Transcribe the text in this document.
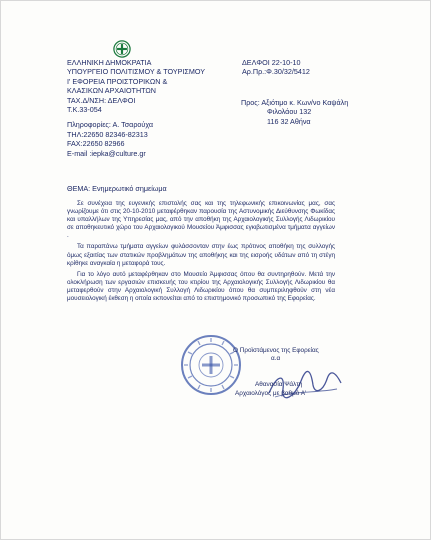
ΕΛΛΗΝΙΚΗ ΔΗΜΟΚΡΑΤΙΑ
ΥΠΟΥΡΓΕΙΟ ΠΟΛΙΤΙΣΜΟΥ & ΤΟΥΡΙΣΜΟΥ
Ι' ΕΦΟΡΕΙΑ ΠΡΟΙΣΤΟΡΙΚΩΝ &
ΚΛΑΣΙΚΩΝ ΑΡΧΑΙΟΤΗΤΩΝ
ΤΑΧ.Δ/ΝΣΗ: ΔΕΛΦΟΙ
Τ.Κ.33-054
Πληροφορίες: Α. Τσαρούχα
ΤΗΛ:22650 82346-82313
FAX:22650 82966
E-mail :iepka@culture.gr
ΔΕΛΦΟΙ 22-10-10
Αρ.Πρ.:Φ.30/32/5412
Προς: Αξιότιμο κ. Κων/νο Καψάλη
Φιλολάου 132
116 32 Αθήνα
ΘΕΜΑ: Ενημερωτικό σημείωμα

Σε συνέχεια της ευγενικής επιστολής σας και της τηλεφωνικής επικοινωνίας μας, σας γνωρίζουμε ότι στις 20-10-2010 μεταφέρθηκαν παρουσία της Αστυνομικής Διεύθυνσης Φωκίδας και υπαλλήλων της Υπηρεσίας μας, από την αποθήκη της Αρχαιολογικής Συλλογής Λιδωρικίου σε αποθηκευτικό χώρο του Αρχαιολογικού Μουσείου Άμφισσας εγκιβωτισμένα τμήματα αγγείων .

Τα παραπάνω τμήματα αγγείων φυλάσσονταν στην έως πρότινος αποθήκη της συλλογής όμως εξαιτίας των στατικών προβλημάτων της αποθήκης και της εισροής υδάτων από τη στέγη κρίθηκε αναγκαία η μεταφορά τους.

Για το λόγο αυτό μεταφέρθηκαν στο Μουσείο Άμφισσας όπου θα συντηρηθούν. Μετά την ολοκλήρωση των εργασιών επισκευής του κτιρίου της Αρχαιολογικής Συλλογής Λιδωρικίου θα μεταφερθούν στην Αρχαιολογική Συλλογή Λιδωρικίου όπου θα συμπεριληφθούν στη νέα μουσειολογική έκθεση η οποία εκπονείται από το επιστημονικό προσωπικό της Εφορείας.

Ο Προϊστάμενος της Εφορείας
α.α
Αθανασία Ψάλτη
Αρχαιολόγος με βαθμό Α'
